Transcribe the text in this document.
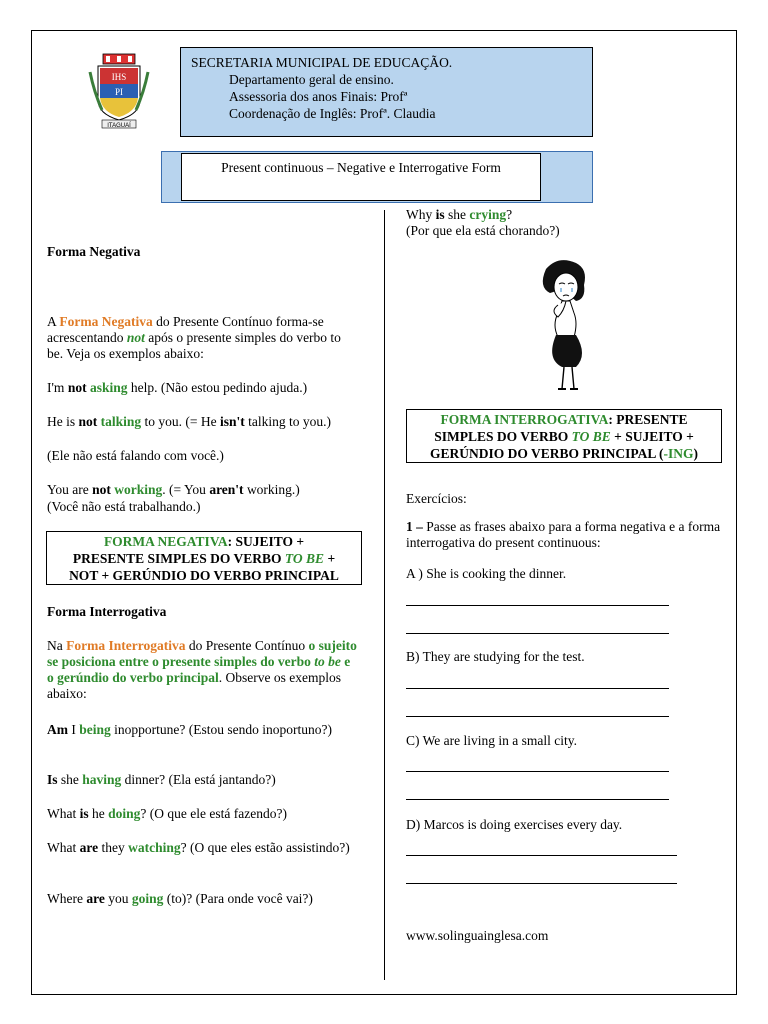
IHS
PI
ITAGUAÍ
SECRETARIA MUNICIPAL DE EDUCAÇÃO.
Departamento geral de ensino.
Assessoria dos anos Finais: Profª
Coordenação de Inglês: Profª. Claudia
Present continuous – Negative e Interrogative Form
Forma Negativa
A Forma Negativa do Presente Contínuo forma-se acrescentando not após o presente simples do verbo to be. Veja os exemplos abaixo:
I'm not asking help. (Não estou pedindo ajuda.)
He is not talking to you. (= He isn't talking to you.)
(Ele não está falando com você.)
You are not working. (= You aren't working.)
(Você não está trabalhando.)
FORMA NEGATIVA: SUJEITO +
PRESENTE SIMPLES DO VERBO TO BE +
NOT + GERÚNDIO DO VERBO PRINCIPAL
Forma Interrogativa
Na Forma Interrogativa do Presente Contínuo o sujeito se posiciona entre o presente simples do verbo to be e o gerúndio do verbo principal. Observe os exemplos abaixo:
Am I being inopportune? (Estou sendo inoportuno?)
Is she having dinner? (Ela está jantando?)
What is he doing? (O que ele está fazendo?)
What are they watching? (O que eles estão assistindo?)
Where are you going (to)? (Para onde você vai?)
Why is she crying?
(Por que ela está chorando?)
FORMA INTERROGATIVA: PRESENTE
SIMPLES DO VERBO TO BE + SUJEITO +
GERÚNDIO DO VERBO PRINCIPAL (-ING)
Exercícios:
1 – Passe as frases abaixo para a forma negativa e a forma interrogativa do present continuous:
A ) She is cooking the dinner.
B) They are studying for the test.
C) We are living in a small city.
D) Marcos is doing exercises every day.
www.solinguainglesa.com
